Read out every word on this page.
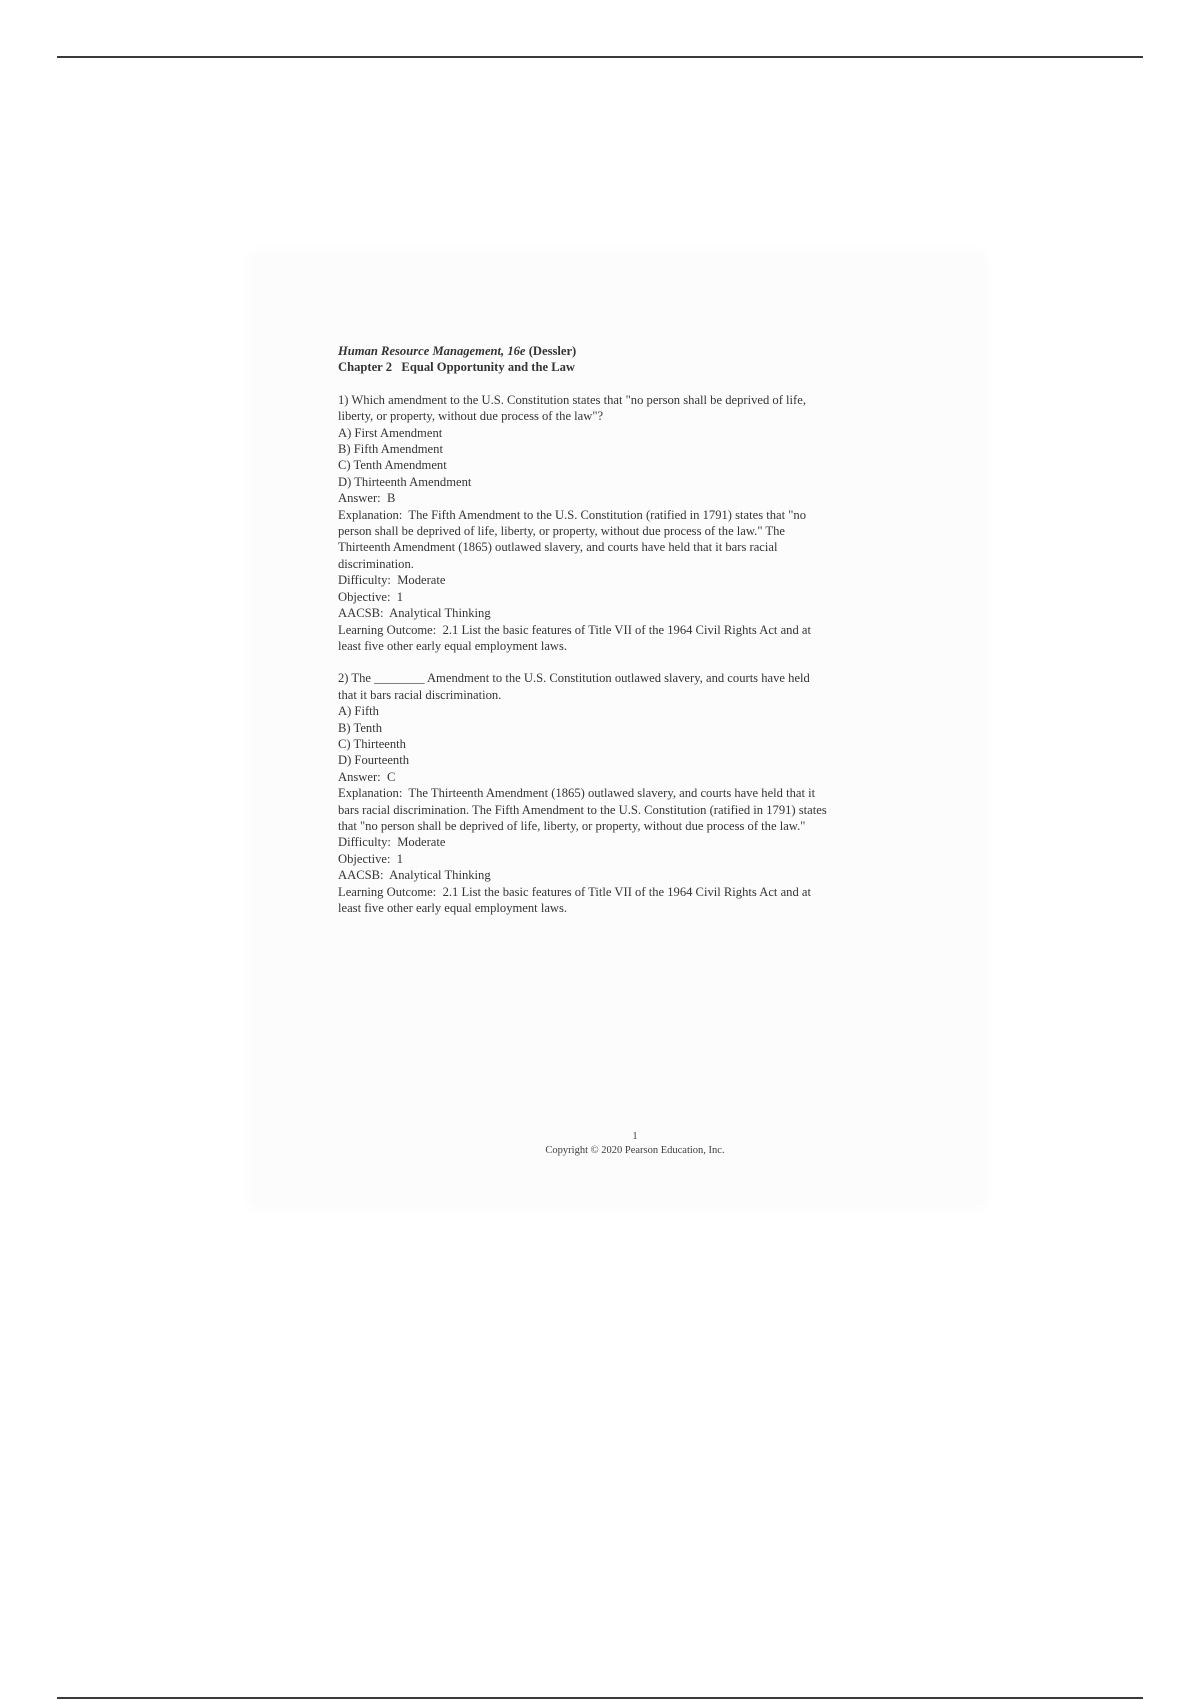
Human Resource Management, 16e (Dessler)
Chapter 2   Equal Opportunity and the Law
1) Which amendment to the U.S. Constitution states that "no person shall be deprived of life,
liberty, or property, without due process of the law"?
A) First Amendment
B) Fifth Amendment
C) Tenth Amendment
D) Thirteenth Amendment
Answer:  B
Explanation:  The Fifth Amendment to the U.S. Constitution (ratified in 1791) states that "no
person shall be deprived of life, liberty, or property, without due process of the law." The
Thirteenth Amendment (1865) outlawed slavery, and courts have held that it bars racial
discrimination.
Difficulty:  Moderate
Objective:  1
AACSB:  Analytical Thinking
Learning Outcome:  2.1 List the basic features of Title VII of the 1964 Civil Rights Act and at
least five other early equal employment laws.
2) The ________ Amendment to the U.S. Constitution outlawed slavery, and courts have held
that it bars racial discrimination.
A) Fifth
B) Tenth
C) Thirteenth
D) Fourteenth
Answer:  C
Explanation:  The Thirteenth Amendment (1865) outlawed slavery, and courts have held that it
bars racial discrimination. The Fifth Amendment to the U.S. Constitution (ratified in 1791) states
that "no person shall be deprived of life, liberty, or property, without due process of the law."
Difficulty:  Moderate
Objective:  1
AACSB:  Analytical Thinking
Learning Outcome:  2.1 List the basic features of Title VII of the 1964 Civil Rights Act and at
least five other early equal employment laws.
1
Copyright © 2020 Pearson Education, Inc.
